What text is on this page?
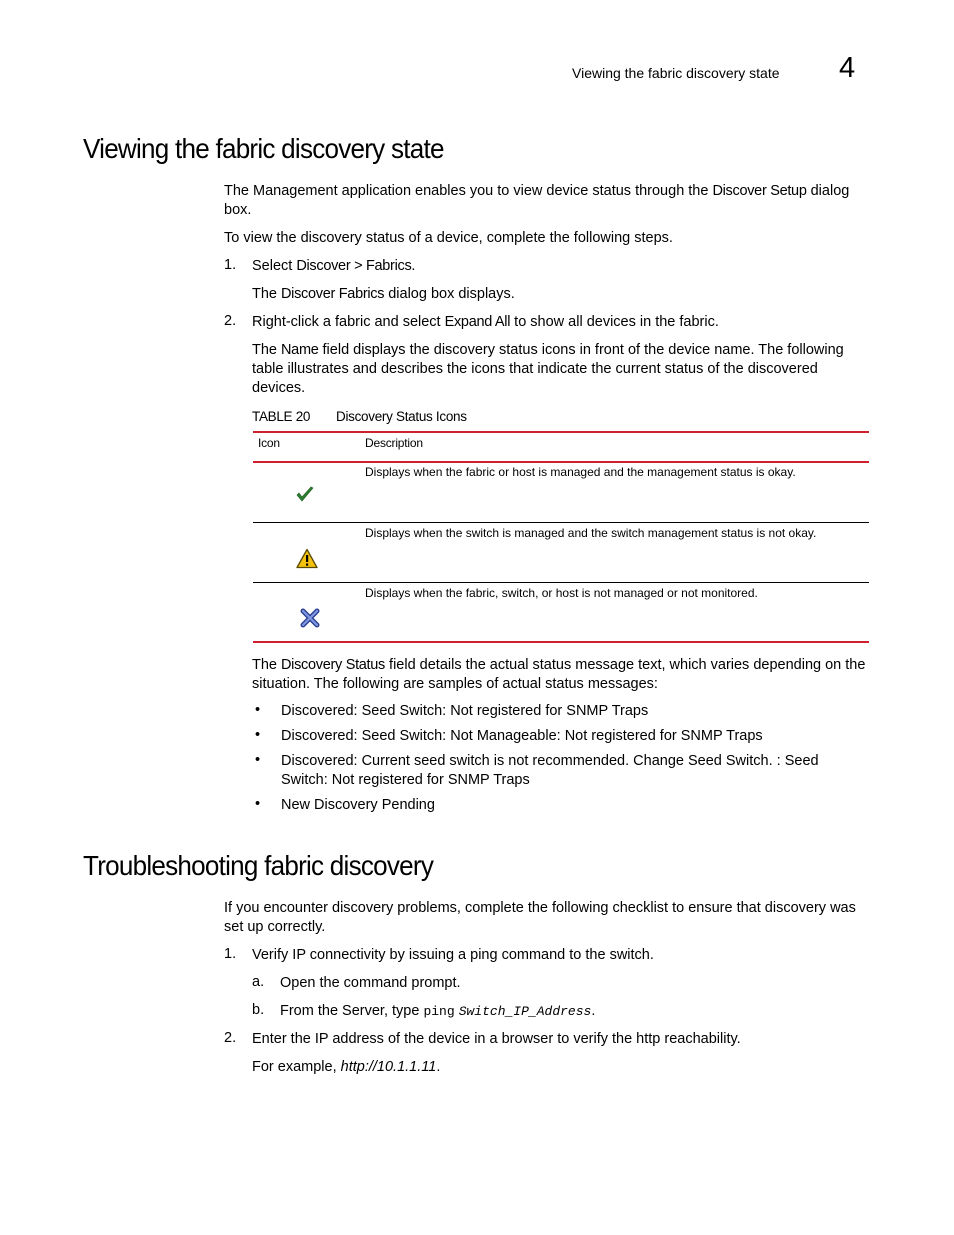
Viewing the fabric discovery state 4
Viewing the fabric discovery state
The Management application enables you to view device status through the Discover Setup dialog box.
To view the discovery status of a device, complete the following steps.
1. Select Discover > Fabrics.
The Discover Fabrics dialog box displays.
2. Right-click a fabric and select Expand All to show all devices in the fabric.
The Name field displays the discovery status icons in front of the device name. The following table illustrates and describes the icons that indicate the current status of the discovered devices.
TABLE 20 Discovery Status Icons
Icon	Description
Displays when the fabric or host is managed and the management status is okay.
Displays when the switch is managed and the switch management status is not okay.
Displays when the fabric, switch, or host is not managed or not monitored.
The Discovery Status field details the actual status message text, which varies depending on the situation. The following are samples of actual status messages:
• Discovered: Seed Switch: Not registered for SNMP Traps
• Discovered: Seed Switch: Not Manageable: Not registered for SNMP Traps
• Discovered: Current seed switch is not recommended. Change Seed Switch. : Seed Switch: Not registered for SNMP Traps
• New Discovery Pending
Troubleshooting fabric discovery
If you encounter discovery problems, complete the following checklist to ensure that discovery was set up correctly.
1. Verify IP connectivity by issuing a ping command to the switch.
a. Open the command prompt.
b. From the Server, type ping Switch_IP_Address.
2. Enter the IP address of the device in a browser to verify the http reachability.
For example, http://10.1.1.11.
